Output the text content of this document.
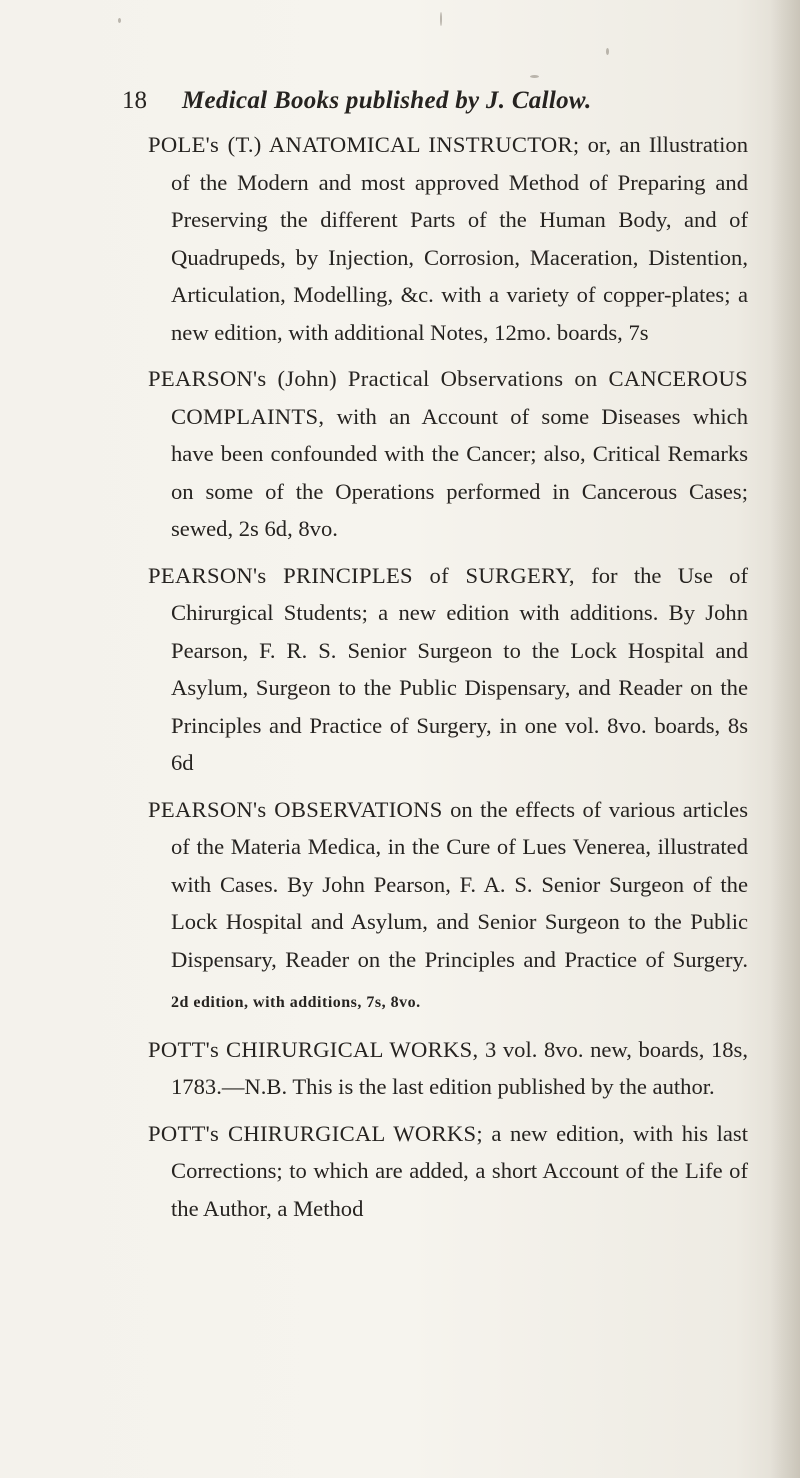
18 Medical Books published by J. Callow.

POLE's (T.) ANATOMICAL INSTRUCTOR; or, an Illustration of the Modern and most approved Method of Preparing and Preserving the different Parts of the Human Body, and of Quadrupeds, by Injection, Corrosion, Maceration, Distention, Articulation, Modelling, &c. with a variety of copper-plates; a new edition, with additional Notes, 12mo. boards, 7s

PEARSON's (John) Practical Observations on CANCEROUS COMPLAINTS, with an Account of some Diseases which have been confounded with the Cancer; also, Critical Remarks on some of the Operations performed in Cancerous Cases; sewed, 2s 6d, 8vo.

PEARSON's PRINCIPLES of SURGERY, for the Use of Chirurgical Students; a new edition with additions. By John Pearson, F. R. S. Senior Surgeon to the Lock Hospital and Asylum, Surgeon to the Public Dispensary, and Reader on the Principles and Practice of Surgery, in one vol. 8vo. boards, 8s 6d

PEARSON's OBSERVATIONS on the effects of various articles of the Materia Medica, in the Cure of Lues Venerea, illustrated with Cases. By John Pearson, F. A. S. Senior Surgeon of the Lock Hospital and Asylum, and Senior Surgeon to the Public Dispensary, Reader on the Principles and Practice of Surgery. 2d edition, with additions, 7s, 8vo.

POTT's CHIRURGICAL WORKS, 3 vol. 8vo. new, boards, 18s, 1783.—N.B. This is the last edition published by the author.

POTT's CHIRURGICAL WORKS; a new edition, with his last Corrections; to which are added, a short Account of the Life of the Author, a Method
